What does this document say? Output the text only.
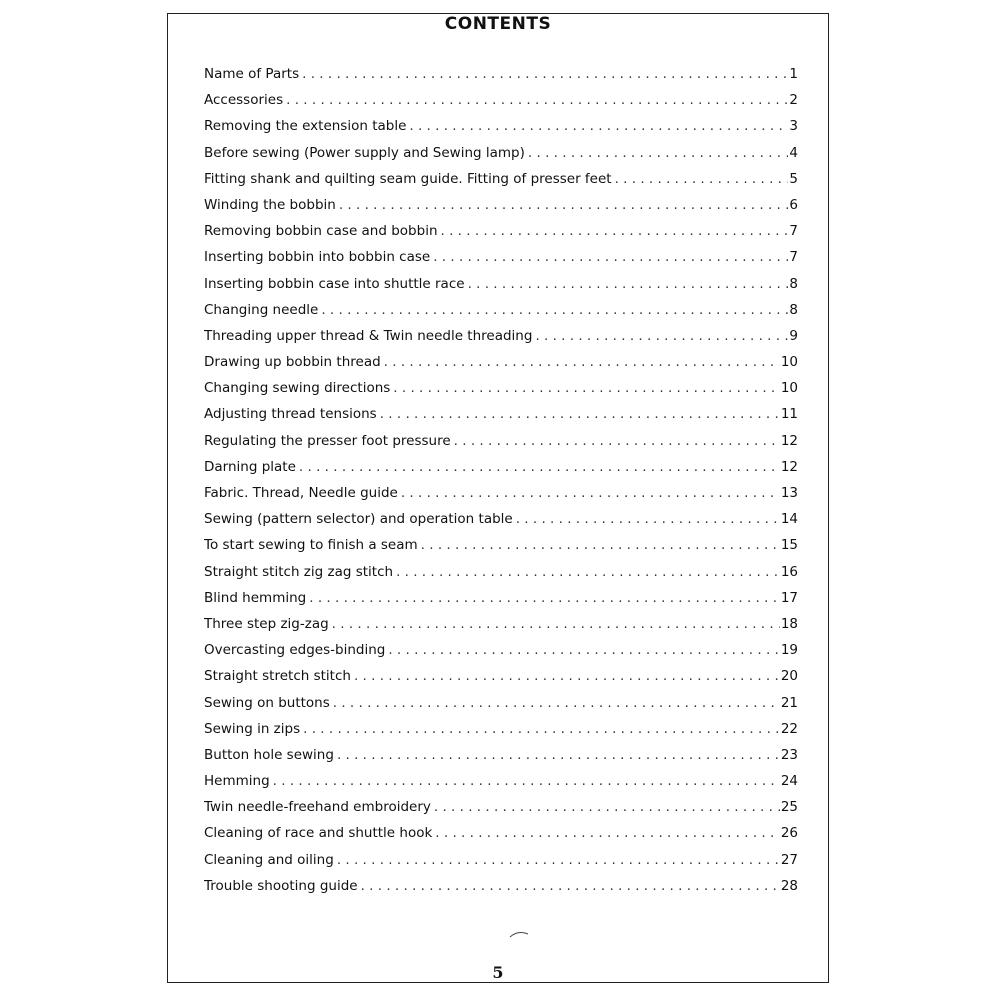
CONTENTS
Name of Parts . . .	1
Accessories . . .	2
Removing the extension table . . .	3
Before sewing (Power supply and Sewing lamp) . . .	4
Fitting shank and quilting seam guide. Fitting of presser feet . . .	5
Winding the bobbin . . .	6
Removing bobbin case and bobbin . . .	7
Inserting bobbin into bobbin case . . .	7
Inserting bobbin case into shuttle race . . .	8
Changing needle . . .	8
Threading upper thread & Twin needle threading . . .	9
Drawing up bobbin thread . . .	10
Changing sewing directions . . .	10
Adjusting thread tensions . . .	11
Regulating the presser foot pressure . . .	12
Darning plate . . .	12
Fabric. Thread, Needle guide . . .	13
Sewing (pattern selector) and operation table . . .	14
To start sewing to finish a seam . . .	15
Straight stitch zig zag stitch . . .	16
Blind hemming . . .	17
Three step zig-zag . . .	18
Overcasting edges-binding . . .	19
Straight stretch stitch . . .	20
Sewing on buttons . . .	21
Sewing in zips . . .	22
Button hole sewing . . .	23
Hemming . . .	24
Twin needle-freehand embroidery . . .	25
Cleaning of race and shuttle hook . . .	26
Cleaning and oiling . . .	27
Trouble shooting guide . . .	28
5
